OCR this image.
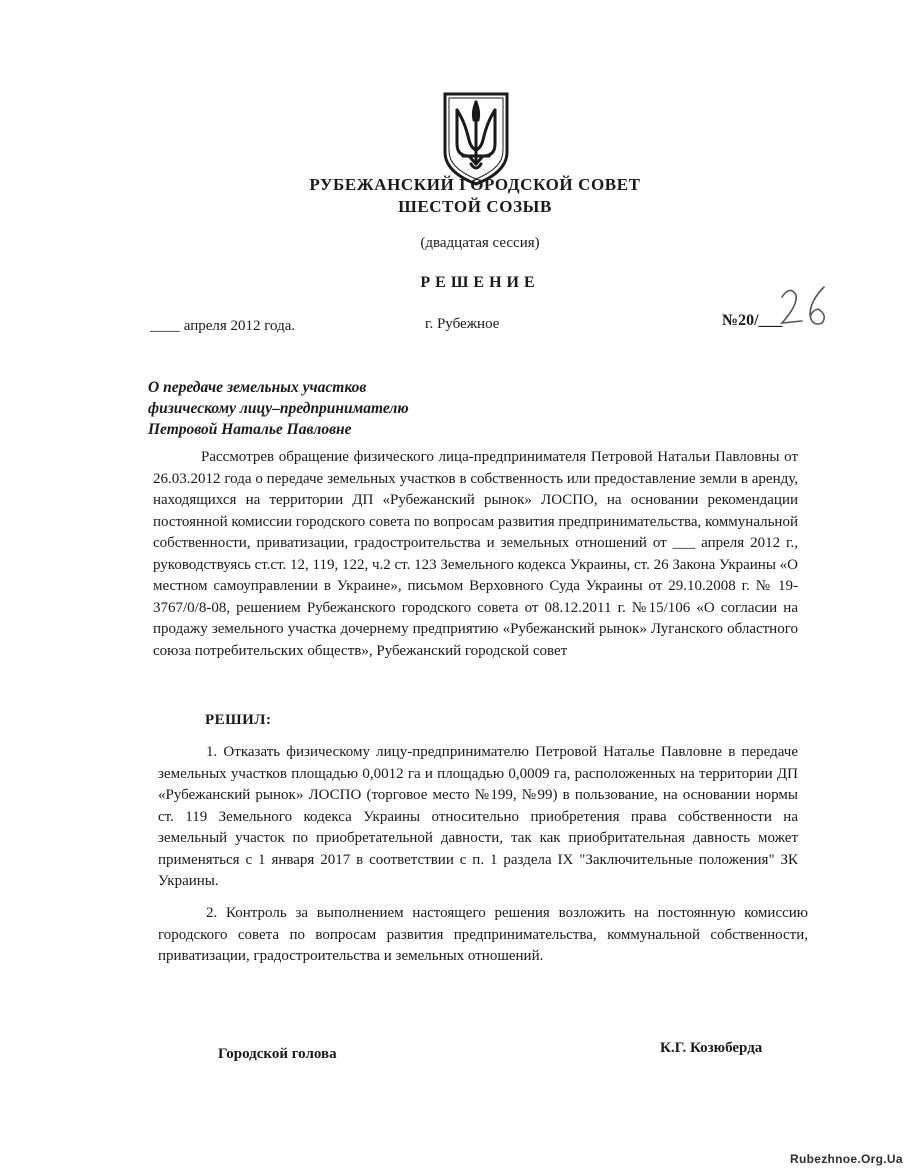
РУБЕЖАНСКИЙ ГОРОДСКОЙ СОВЕТ
ШЕСТОЙ СОЗЫВ
(двадцатая сессия)
РЕШЕНИЕ
____ апреля 2012 года.	г. Рубежное	№20/___
О передаче земельных участков
физическому лицу–предпринимателю
Петровой Наталье Павловне

Рассмотрев обращение физического лица-предпринимателя Петровой Натальи Павловны от 26.03.2012 года о передаче земельных участков в собственность или предоставление земли в аренду, находящихся на территории ДП «Рубежанский рынок» ЛОСПО, на основании рекомендации постоянной комиссии городского совета по вопросам развития предпринимательства, коммунальной собственности, приватизации, градостроительства и земельных отношений от ___ апреля 2012 г., руководствуясь ст.ст. 12, 119, 122, ч.2 ст. 123 Земельного кодекса Украины, ст. 26 Закона Украины «О местном самоуправлении в Украине», письмом Верховного Суда Украины от 29.10.2008 г. № 19-3767/0/8-08, решением Рубежанского городского совета от 08.12.2011 г. №15/106 «О согласии на продажу земельного участка дочернему предприятию «Рубежанский рынок» Луганского областного союза потребительских обществ», Рубежанский городской совет

РЕШИЛ:

1. Отказать физическому лицу-предпринимателю Петровой Наталье Павловне в передаче земельных участков площадью 0,0012 га и площадью 0,0009 га, расположенных на территории ДП «Рубежанский рынок» ЛОСПО (торговое место №199, №99) в пользование, на основании нормы ст. 119 Земельного кодекса Украины относительно приобретения права собственности на земельный участок по приобретательной давности, так как приобритательная давность может применяться с 1 января 2017 в соответствии с п. 1 раздела IX "Заключительные положения" ЗК Украины.

2. Контроль за выполнением настоящего решения возложить на постоянную комиссию городского совета по вопросам развития предпринимательства, коммунальной собственности, приватизации, градостроительства и земельных отношений.

Городской голова	К.Г. Козюберда
Rubezhnoe.Org.Ua
